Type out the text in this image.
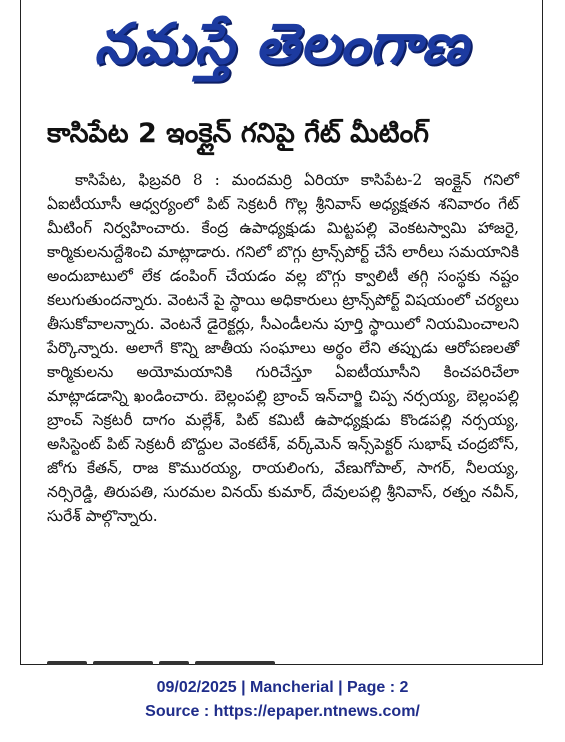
నమస్తే తెలంగాణ
కాసిపేట 2 ఇంక్లైన్ గనిపై గేట్ మీటింగ్

కాసిపేట, ఫిబ్రవరి 8 : మందమర్రి ఏరియా కాసిపేట-2 ఇంక్లైన్ గనిలో ఏఐటీయూసీ ఆధ్వర్యంలో పిట్ సెక్రటరీ గొల్ల శ్రీనివాస్ అధ్యక్షతన శనివారం గేట్ మీటింగ్ నిర్వహించారు. కేంద్ర ఉపాధ్యక్షుడు మిట్టపల్లి వెంకటస్వామి హాజరై, కార్మికులనుద్దేశించి మాట్లాడారు. గనిలో బొగ్గు ట్రాన్స్‌పోర్ట్ చేసే లారీలు సమయానికి అందుబాటులో లేక డంపింగ్ చేయడం వల్ల బొగ్గు క్వాలిటీ తగ్గి సంస్థకు నష్టం కలుగుతుందన్నారు. వెంటనే పై స్థాయి అధికారులు ట్రాన్స్‌పోర్ట్ విషయంలో చర్యలు తీసుకోవాలన్నారు. వెంటనే డైరెక్టర్లు, సీఎండీలను పూర్తి స్థాయిలో నియమించాలని పేర్కొన్నారు. అలాగే కొన్ని జాతీయ సంఘాలు అర్థం లేని తప్పుడు ఆరోపణలతో కార్మికులను అయోమయానికి గురిచేస్తూ ఏఐటీయూసీని కించపరిచేలా మాట్లాడడాన్ని ఖండించారు. బెల్లంపల్లి బ్రాంచ్ ఇన్‌చార్జి చిప్ప నర్సయ్య, బెల్లంపల్లి బ్రాంచ్ సెక్రటరీ దాగం మల్లేశ్, పిట్ కమిటీ ఉపాధ్యక్షుడు కొండపల్లి నర్సయ్య, అసిస్టెంట్ పిట్ సెక్రటరీ బొద్దుల వెంకటేశ్, వర్క్‌మెన్ ఇన్స్‌పెక్టర్ సుభాష్ చంద్రబోస్, జోగు కేతన్, రాజ కొమురయ్య, రాయలింగు, వేణుగోపాల్, సాగర్, నీలయ్య, నర్సిరెడ్డి, తిరుపతి, సురమల వినయ్ కుమార్, దేవులపల్లి శ్రీనివాస్, రత్నం నవీన్, సురేశ్ పాల్గొన్నారు.

09/02/2025 | Mancherial | Page : 2
Source : https://epaper.ntnews.com/
